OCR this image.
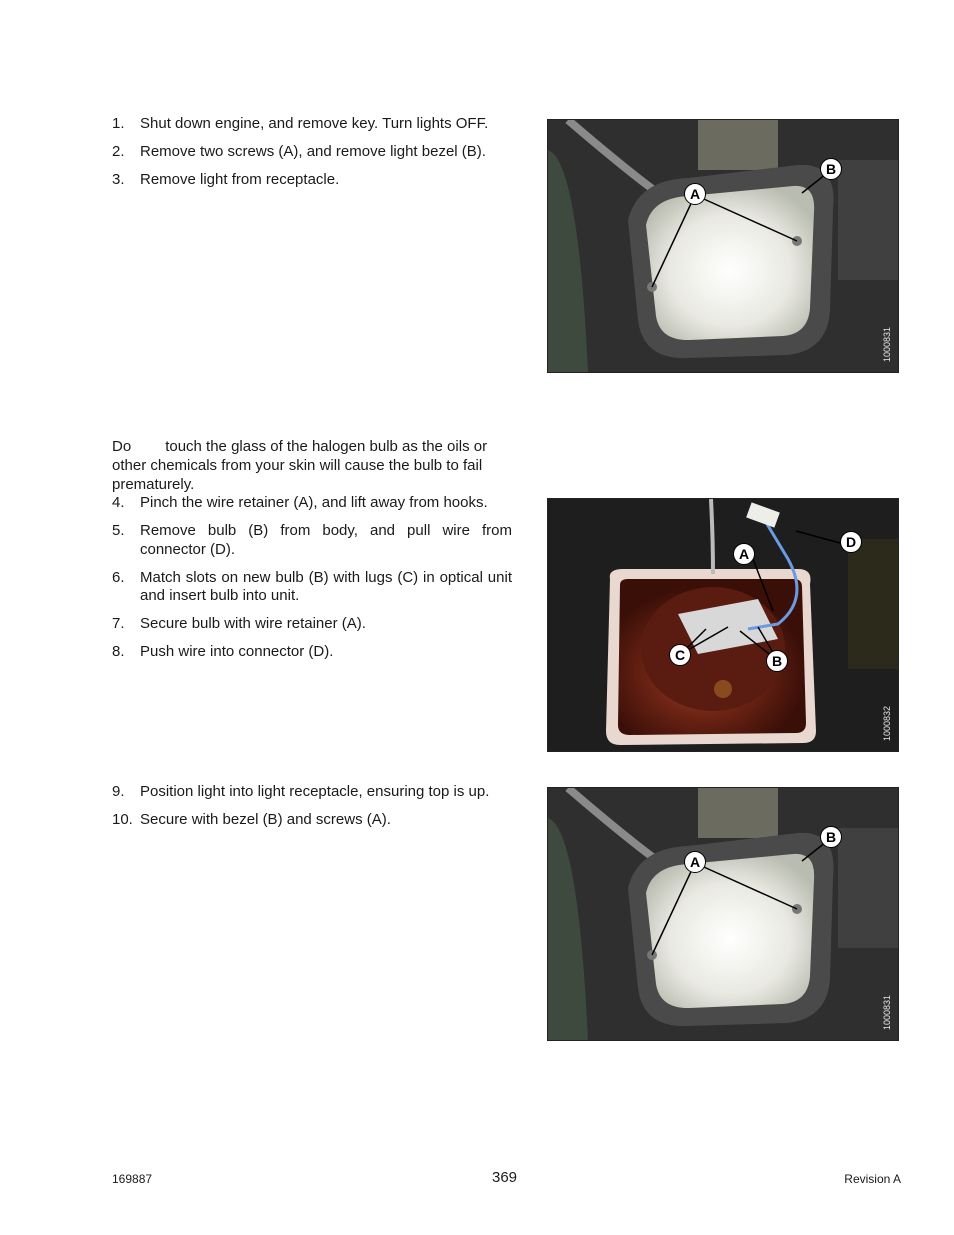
1. Shut down engine, and remove key. Turn lights OFF.
2. Remove two screws (A), and remove light bezel (B).
3. Remove light from receptacle.
A
B
1000831

Do touch the glass of the halogen bulb as the oils or other chemicals from your skin will cause the bulb to fail prematurely.

4. Pinch the wire retainer (A), and lift away from hooks.
5. Remove bulb (B) from body, and pull wire from connector (D).
6. Match slots on new bulb (B) with lugs (C) in optical unit and insert bulb into unit.
7. Secure bulb with wire retainer (A).
8. Push wire into connector (D).
A
B
C
D
1000832
9. Position light into light receptacle, ensuring top is up.
10. Secure with bezel (B) and screws (A).
A
B
1000831
169887	369	Revision A
